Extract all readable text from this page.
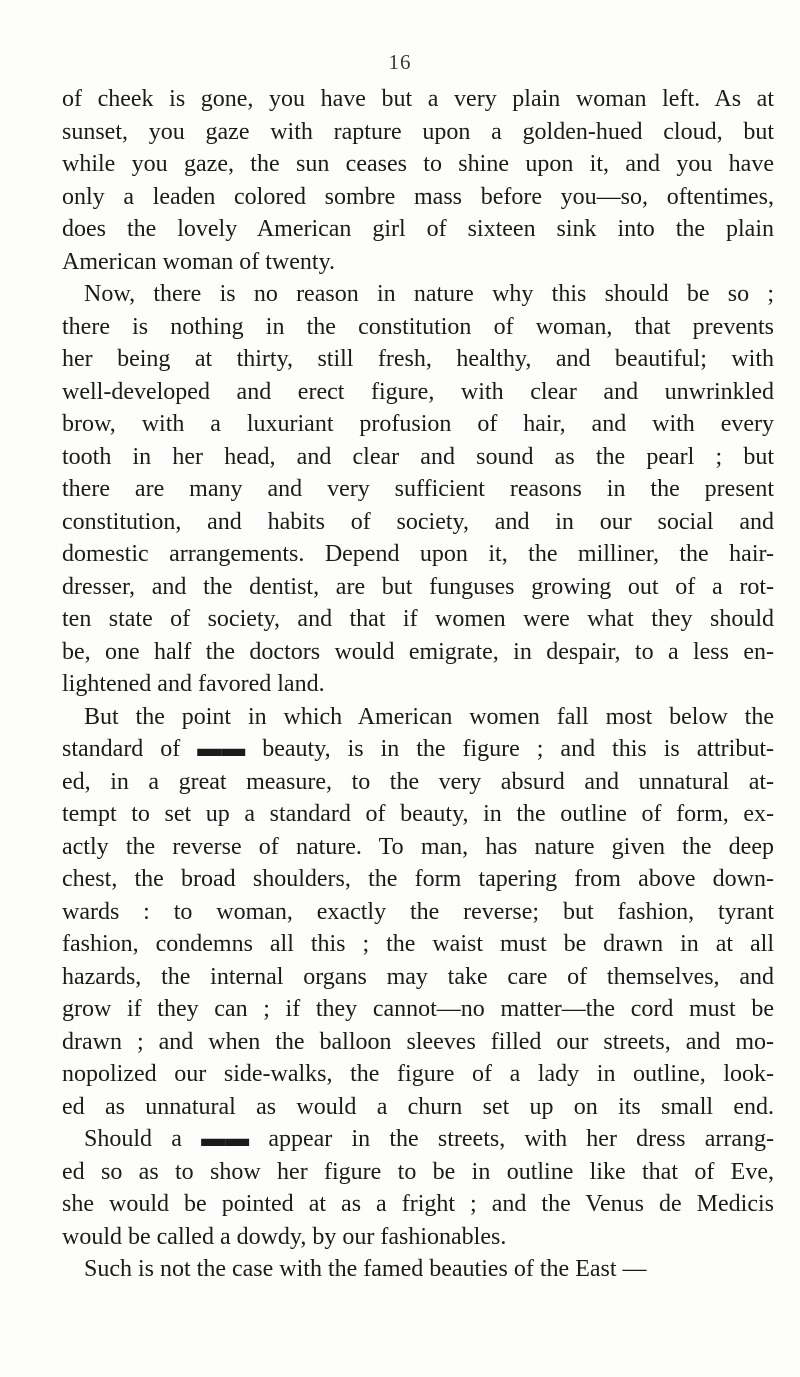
16
of cheek is gone, you have but a very plain woman left. As at
sunset, you gaze with rapture upon a golden-hued cloud, but
while you gaze, the sun ceases to shine upon it, and you have
only a leaden colored sombre mass before you—so, oftentimes,
does the lovely American girl of sixteen sink into the plain
American woman of twenty.
Now, there is no reason in nature why this should be so ;
there is nothing in the constitution of woman, that prevents
her being at thirty, still fresh, healthy, and beautiful; with
well-developed and erect figure, with clear and unwrinkled
brow, with a luxuriant profusion of hair, and with every
tooth in her head, and clear and sound as the pearl ; but
there are many and very sufficient reasons in the present
constitution, and habits of society, and in our social and
domestic arrangements. Depend upon it, the milliner, the hair-
dresser, and the dentist, are but funguses growing out of a rot-
ten state of society, and that if women were what they should
be, one half the doctors would emigrate, in despair, to a less en-
lightened and favored land.
But the point in which American women fall most below the
standard of ▬▬ beauty, is in the figure ; and this is attribut-
ed, in a great measure, to the very absurd and unnatural at-
tempt to set up a standard of beauty, in the outline of form, ex-
actly the reverse of nature. To man, has nature given the deep
chest, the broad shoulders, the form tapering from above down-
wards : to woman, exactly the reverse; but fashion, tyrant
fashion, condemns all this ; the waist must be drawn in at all
hazards, the internal organs may take care of themselves, and
grow if they can ; if they cannot—no matter—the cord must be
drawn ; and when the balloon sleeves filled our streets, and mo-
nopolized our side-walks, the figure of a lady in outline, look-
ed as unnatural as would a churn set up on its small end.
Should a ▬▬ appear in the streets, with her dress arrang-
ed so as to show her figure to be in outline like that of Eve,
she would be pointed at as a fright ; and the Venus de Medicis
would be called a dowdy, by our fashionables.
Such is not the case with the famed beauties of the East —
